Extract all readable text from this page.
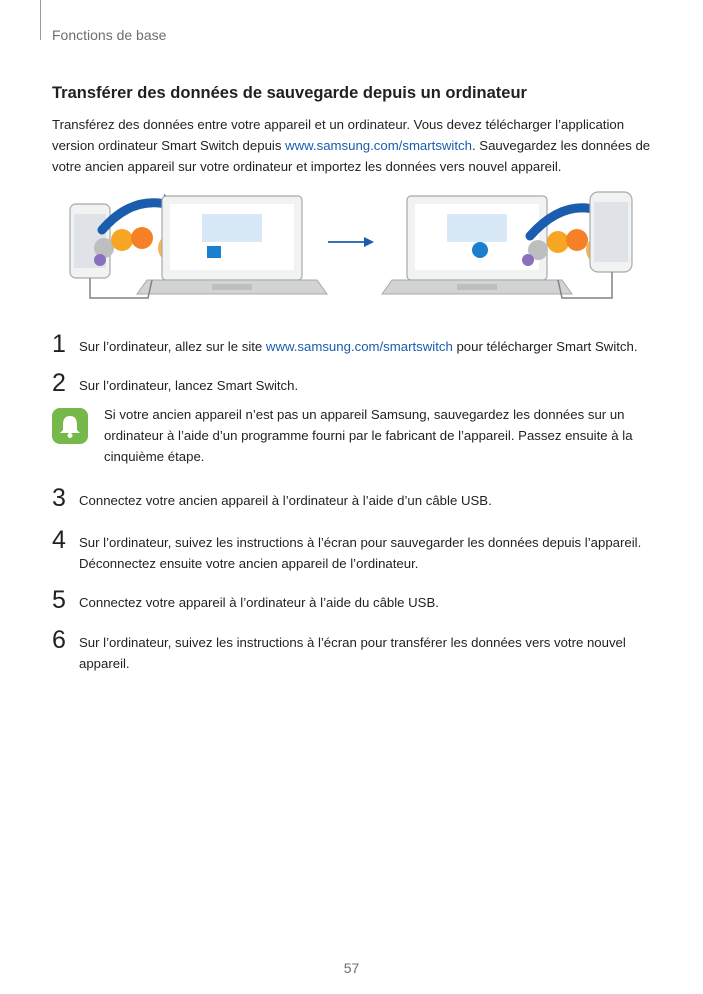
Fonctions de base
Transférer des données de sauvegarde depuis un ordinateur
Transférez des données entre votre appareil et un ordinateur. Vous devez télécharger l’application version ordinateur Smart Switch depuis www.samsung.com/smartswitch. Sauvegardez les données de votre ancien appareil sur votre ordinateur et importez les données vers nouvel appareil.
1 Sur l’ordinateur, allez sur le site www.samsung.com/smartswitch pour télécharger Smart Switch.
2 Sur l’ordinateur, lancez Smart Switch.
Si votre ancien appareil n’est pas un appareil Samsung, sauvegardez les données sur un ordinateur à l’aide d’un programme fourni par le fabricant de l’appareil. Passez ensuite à la cinquième étape.
3 Connectez votre ancien appareil à l’ordinateur à l’aide d’un câble USB.
4 Sur l’ordinateur, suivez les instructions à l’écran pour sauvegarder les données depuis l’appareil. Déconnectez ensuite votre ancien appareil de l’ordinateur.
5 Connectez votre appareil à l’ordinateur à l’aide du câble USB.
6 Sur l’ordinateur, suivez les instructions à l’écran pour transférer les données vers votre nouvel appareil.
57
